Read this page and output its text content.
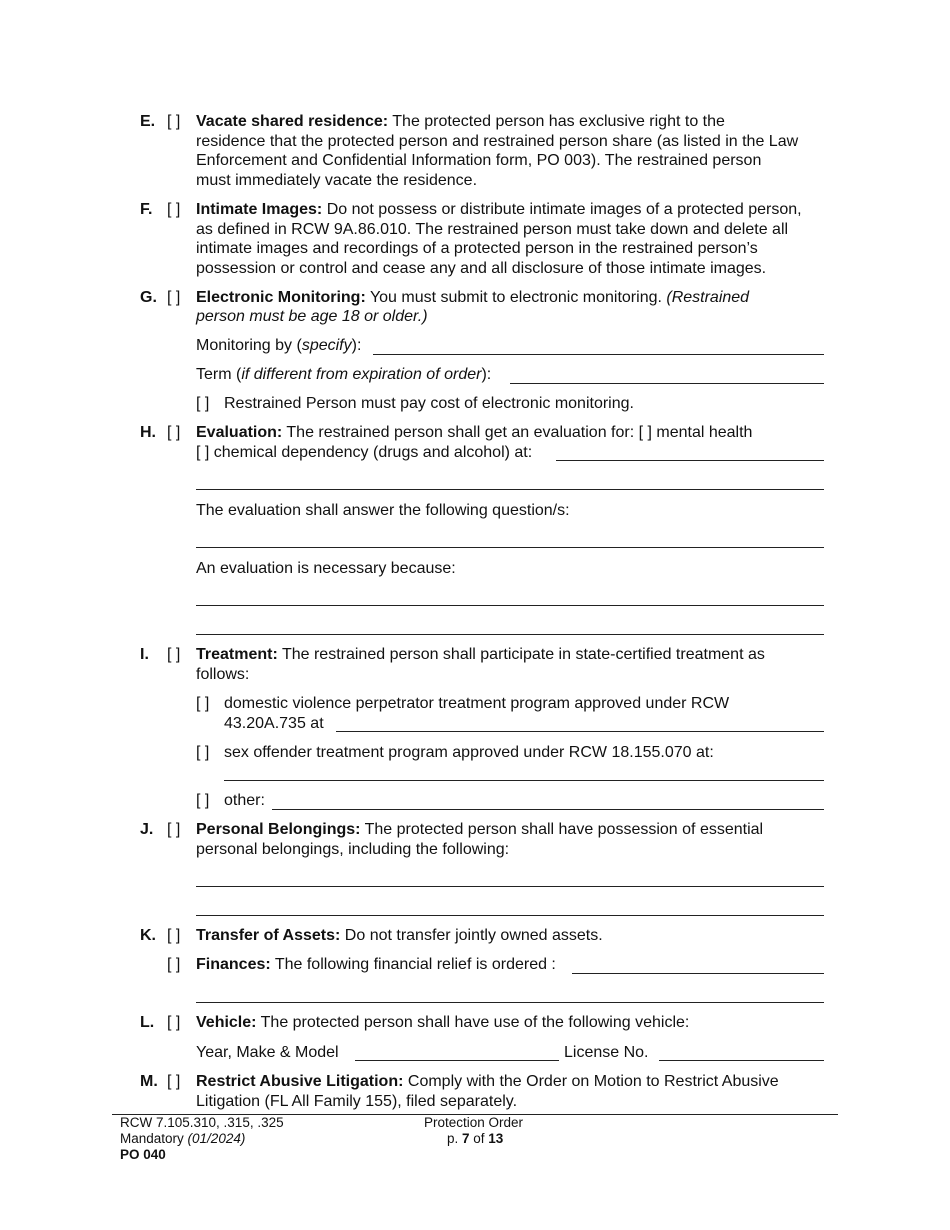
E. [ ] Vacate shared residence: The protected person has exclusive right to the
residence that the protected person and restrained person share (as listed in the Law
Enforcement and Confidential Information form, PO 003). The restrained person
must immediately vacate the residence.
F. [ ] Intimate Images: Do not possess or distribute intimate images of a protected person,
as defined in RCW 9A.86.010. The restrained person must take down and delete all
intimate images and recordings of a protected person in the restrained person’s
possession or control and cease any and all disclosure of those intimate images.
G. [ ] Electronic Monitoring: You must submit to electronic monitoring. (Restrained
person must be age 18 or older.)
Monitoring by (specify):
Term (if different from expiration of order):
[ ] Restrained Person must pay cost of electronic monitoring.
H. [ ] Evaluation: The restrained person shall get an evaluation for: [ ] mental health
[ ] chemical dependency (drugs and alcohol) at:
The evaluation shall answer the following question/s:
An evaluation is necessary because:
I. [ ] Treatment: The restrained person shall participate in state-certified treatment as
follows:
[ ] domestic violence perpetrator treatment program approved under RCW
43.20A.735 at
[ ] sex offender treatment program approved under RCW 18.155.070 at:
[ ] other:
J. [ ] Personal Belongings: The protected person shall have possession of essential
personal belongings, including the following:
K. [ ] Transfer of Assets: Do not transfer jointly owned assets.
[ ] Finances: The following financial relief is ordered :
L. [ ] Vehicle: The protected person shall have use of the following vehicle:
Year, Make & Model	License No.
M. [ ] Restrict Abusive Litigation: Comply with the Order on Motion to Restrict Abusive
Litigation (FL All Family 155), filed separately.
RCW 7.105.310, .315, .325
Mandatory (01/2024)
PO 040
Protection Order
p. 7 of 13
